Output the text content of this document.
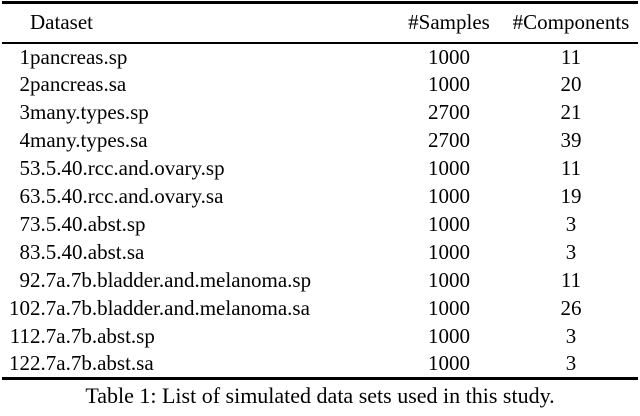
	Dataset	#Samples	#Components
1	pancreas.sp	1000	11
2	pancreas.sa	1000	20
3	many.types.sp	2700	21
4	many.types.sa	2700	39
5	3.5.40.rcc.and.ovary.sp	1000	11
6	3.5.40.rcc.and.ovary.sa	1000	19
7	3.5.40.abst.sp	1000	3
8	3.5.40.abst.sa	1000	3
9	2.7a.7b.bladder.and.melanoma.sp	1000	11
10	2.7a.7b.bladder.and.melanoma.sa	1000	26
11	2.7a.7b.abst.sp	1000	3
12	2.7a.7b.abst.sa	1000	3
Table 1: List of simulated data sets used in this study.
